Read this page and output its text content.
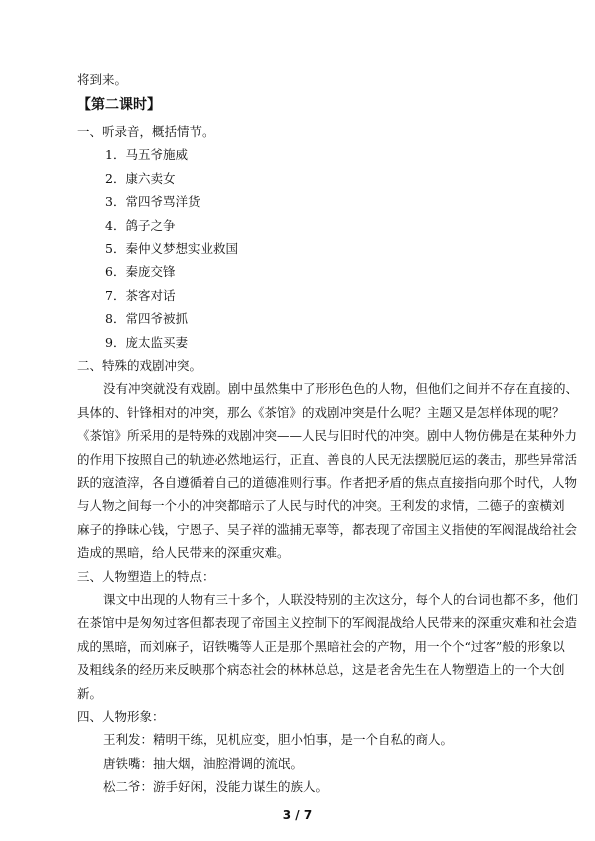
将到来。
【第二课时】
一、听录音，概括情节。
1．马五爷施威
2．康六卖女
3．常四爷骂洋货
4．鸽子之争
5．秦仲义梦想实业救国
6．秦庞交锋
7．茶客对话
8．常四爷被抓
9．庞太监买妻
二、特殊的戏剧冲突。
没有冲突就没有戏剧。剧中虽然集中了形形色色的人物，但他们之间并不存在直接的、
具体的、针锋相对的冲突，那么《茶馆》的戏剧冲突是什么呢？主题又是怎样体现的呢？
《茶馆》所采用的是特殊的戏剧冲突——人民与旧时代的冲突。剧中人物仿佛是在某种外力
的作用下按照自己的轨迹必然地运行，正直、善良的人民无法摆脱厄运的袭击，那些异常活
跃的寇渣滓，各自遵循着自己的道德准则行事。作者把矛盾的焦点直接指向那个时代，人物
与人物之间每一个小的冲突都暗示了人民与时代的冲突。王利发的求情，二德子的蛮横刘
麻子的挣昧心钱，宁恩子、吴子祥的滥捕无辜等，都表现了帝国主义指使的军阀混战给社会
造成的黑暗，给人民带来的深重灾难。
三、人物塑造上的特点：
课文中出现的人物有三十多个，人联没特别的主次这分，每个人的台词也都不多，他们
在茶馆中是匆匆过客但都表现了帝国主义控制下的军阀混战给人民带来的深重灾难和社会造
成的黑暗，而刘麻子，诏铁嘴等人正是那个黑暗社会的产物，用一个个“过客”般的形象以
及粗线条的经历来反映那个病态社会的林林总总，这是老舍先生在人物塑造上的一个大创
新。
四、人物形象：
王利发：精明干练，见机应变，胆小怕事，是一个自私的商人。
唐铁嘴：抽大烟，油腔滑调的流氓。
松二爷：游手好闲，没能力谋生的族人。
3 / 7
